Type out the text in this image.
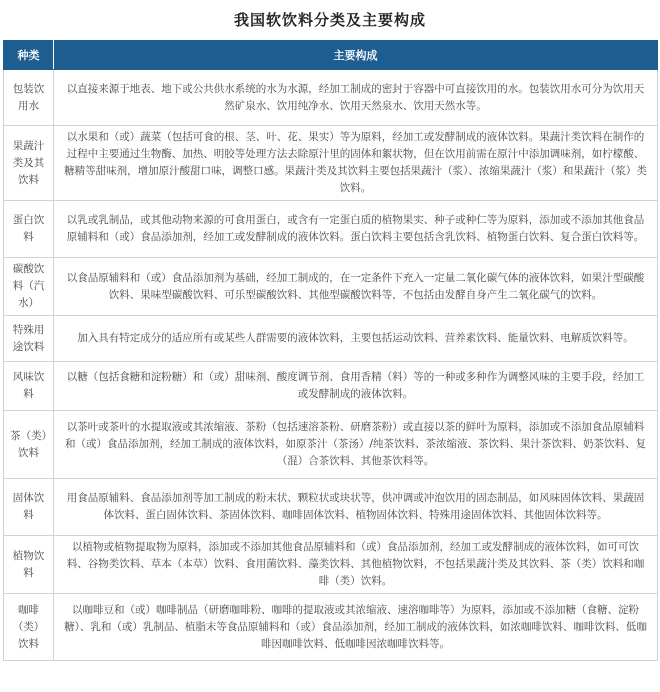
我国软饮料分类及主要构成
种类	主要构成
包装饮用水	以直接来源于地表、地下或公共供水系统的水为水源，经加工制成的密封于容器中可直接饮用的水。包装饮用水可分为饮用天然矿泉水、饮用纯净水、饮用天然泉水、饮用天然水等。
果蔬汁类及其饮料	以水果和（或）蔬菜（包括可食的根、茎、叶、花、果实）等为原料，经加工或发酵制成的液体饮料。果蔬汁类饮料在制作的过程中主要通过生物酶、加热、明胶等处理方法去除原汁里的固体和絮状物，但在饮用前需在原汁中添加调味剂，如柠檬酸、糖精等甜味剂，增加原汁酸甜口味，调整口感。果蔬汁类及其饮料主要包括果蔬汁（浆）、浓缩果蔬汁（浆）和果蔬汁（浆）类饮料。
蛋白饮料	以乳或乳制品，或其他动物来源的可食用蛋白，或含有一定蛋白质的植物果实、种子或种仁等为原料，添加或不添加其他食品原辅料和（或）食品添加剂，经加工或发酵制成的液体饮料。蛋白饮料主要包括含乳饮料、植物蛋白饮料、复合蛋白饮料等。
碳酸饮料（汽水）	以食品原辅料和（或）食品添加剂为基础，经加工制成的，在一定条件下充入一定量二氧化碳气体的液体饮料，如果汁型碳酸饮料、果味型碳酸饮料、可乐型碳酸饮料、其他型碳酸饮料等，不包括由发酵自身产生二氧化碳气的饮料。
特殊用途饮料	加入具有特定成分的适应所有或某些人群需要的液体饮料，主要包括运动饮料、营养素饮料、能量饮料、电解质饮料等。
风味饮料	以糖（包括食糖和淀粉糖）和（或）甜味剂、酸度调节剂、食用香精（料）等的一种或多种作为调整风味的主要手段，经加工或发酵制成的液体饮料。
茶（类）饮料	以茶叶或茶叶的水提取液或其浓缩液、茶粉（包括速溶茶粉、研磨茶粉）或直接以茶的鲜叶为原料，添加或不添加食品原辅料和（或）食品添加剂，经加工制成的液体饮料，如原茶汁（茶汤）/纯茶饮料、茶浓缩液、茶饮料、果汁茶饮料、奶茶饮料、复（混）合茶饮料、其他茶饮料等。
固体饮料	用食品原辅料、食品添加剂等加工制成的粉末状、颗粒状或块状等，供冲调或冲泡饮用的固态制品，如风味固体饮料、果蔬固体饮料、蛋白固体饮料、茶固体饮料、咖啡固体饮料、植物固体饮料、特殊用途固体饮料、其他固体饮料等。
植物饮料	以植物或植物提取物为原料，添加或不添加其他食品原辅料和（或）食品添加剂，经加工或发酵制成的液体饮料，如可可饮料、谷物类饮料、草本（本草）饮料、食用菌饮料、藻类饮料、其他植物饮料，不包括果蔬汁类及其饮料、茶（类）饮料和咖啡（类）饮料。
咖啡（类）饮料	以咖啡豆和（或）咖啡制品（研磨咖啡粉、咖啡的提取液或其浓缩液、速溶咖啡等）为原料，添加或不添加糖（食糖、淀粉糖）、乳和（或）乳制品、植脂末等食品原辅料和（或）食品添加剂，经加工制成的液体饮料，如浓咖啡饮料、咖啡饮料、低咖啡因咖啡饮料、低咖啡因浓咖啡饮料等。
